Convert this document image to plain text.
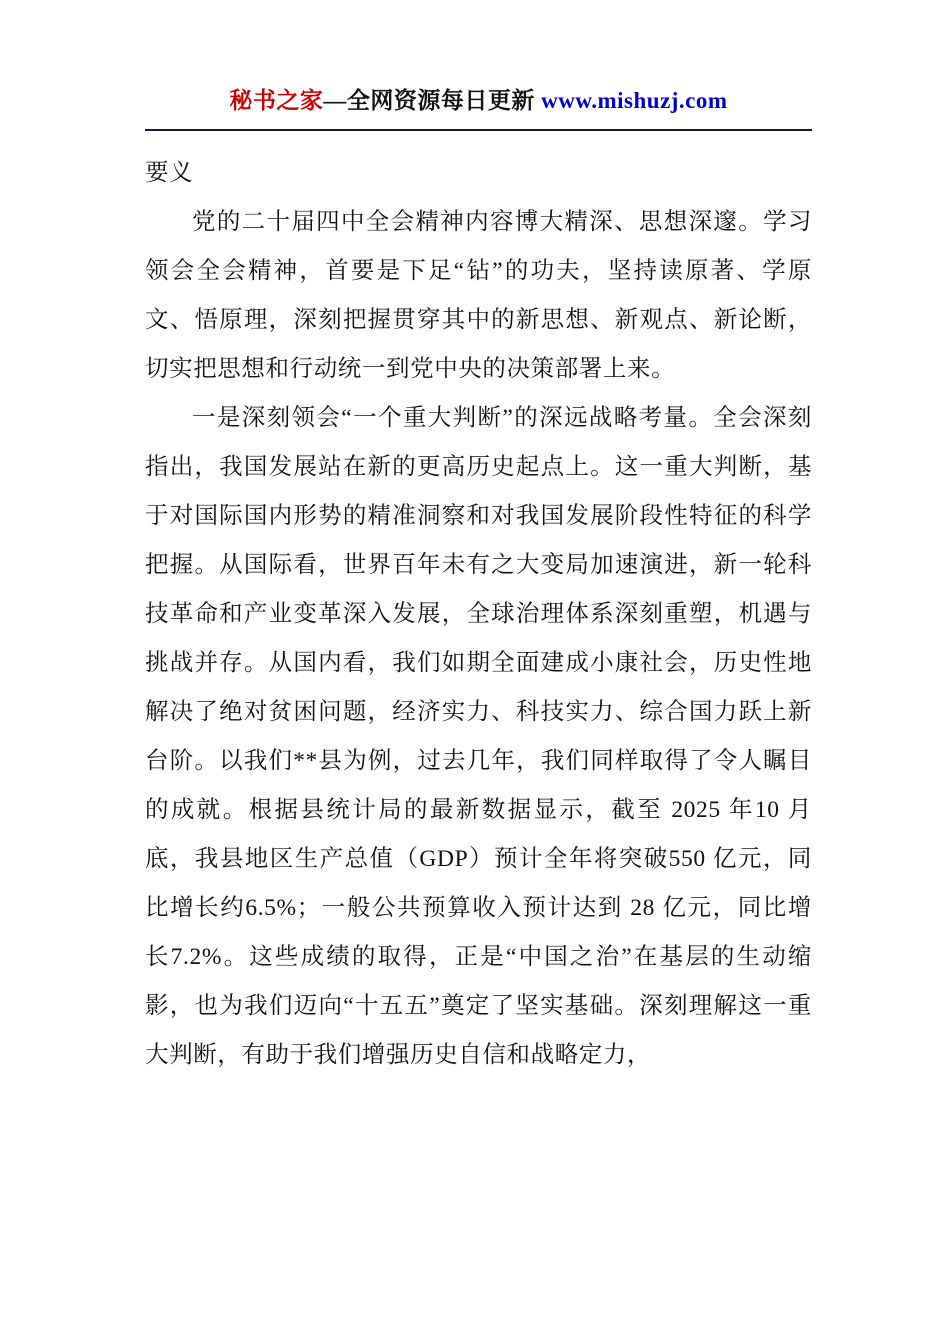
秘书之家—全网资源每日更新 www.mishuzj.com

要义

党的二十届四中全会精神内容博大精深、思想深邃。学习领会全会精神，首要是下足“钻”的功夫，坚持读原著、学原文、悟原理，深刻把握贯穿其中的新思想、新观点、新论断，切实把思想和行动统一到党中央的决策部署上来。

一是深刻领会“一个重大判断”的深远战略考量。全会深刻指出，我国发展站在新的更高历史起点上。这一重大判断，基于对国际国内形势的精准洞察和对我国发展阶段性特征的科学把握。从国际看，世界百年未有之大变局加速演进，新一轮科技革命和产业变革深入发展，全球治理体系深刻重塑，机遇与挑战并存。从国内看，我们如期全面建成小康社会，历史性地解决了绝对贫困问题，经济实力、科技实力、综合国力跃上新台阶。以我们**县为例，过去几年，我们同样取得了令人瞩目的成就。根据县统计局的最新数据显示，截至 2025 年10 月底，我县地区生产总值（GDP）预计全年将突破550 亿元，同比增长约6.5%；一般公共预算收入预计达到 28 亿元，同比增长7.2%。这些成绩的取得，正是“中国之治”在基层的生动缩影，也为我们迈向“十五五”奠定了坚实基础。深刻理解这一重大判断，有助于我们增强历史自信和战略定力，
